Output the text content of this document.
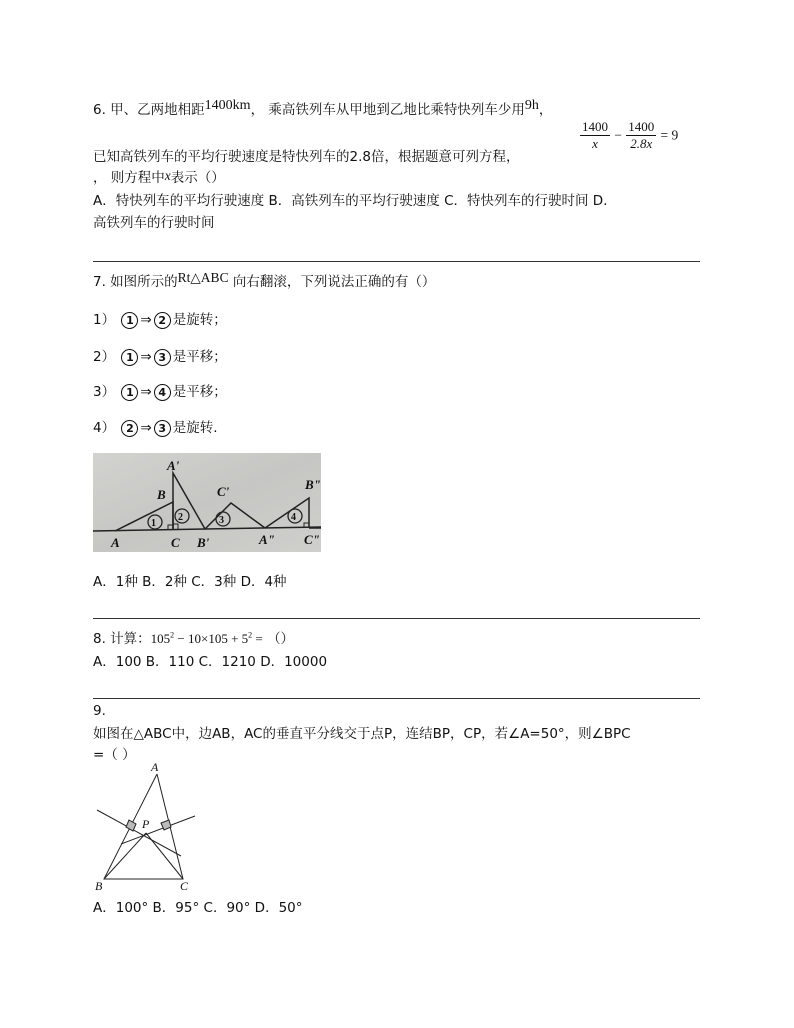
6. 甲、乙两地相距1400km， 乘高铁列车从甲地到乙地比乘特快列车少用9h，
已知高铁列车的平均行驶速度是特快列车的2.8倍，根据题意可列方程，
$\frac{1400}{x} - \frac{1400}{2.8x} = 9$
， 则方程中x表示（）
A．特快列车的平均行驶速度 B．高铁列车的平均行驶速度 C．特快列车的行驶时间 D．
高铁列车的行驶时间
7. 如图所示的Rt△ABC 向右翻滚，下列说法正确的有（）
1） 1 ⇒ 2 是旋转；
2） 1 ⇒ 3 是平移；
3） 1 ⇒ 4 是平移；
4） 2 ⇒ 3 是旋转.
1
2	3	4
A
B
C
A'
B'
C'
A"
B"
C"
A．1种 B．2种 C．3种 D．4种
8. 计算：$105^2 - 10\times 105 + 5^2$ = （）
A．100 B．110 C．1210 D．10000
9.
如图在△ABC中，边AB，AC的垂直平分线交于点P，连结BP，CP，若∠A=50°，则∠BPC
=（ ）
A
B	C
P
A．100° B．95° C．90° D．50°
